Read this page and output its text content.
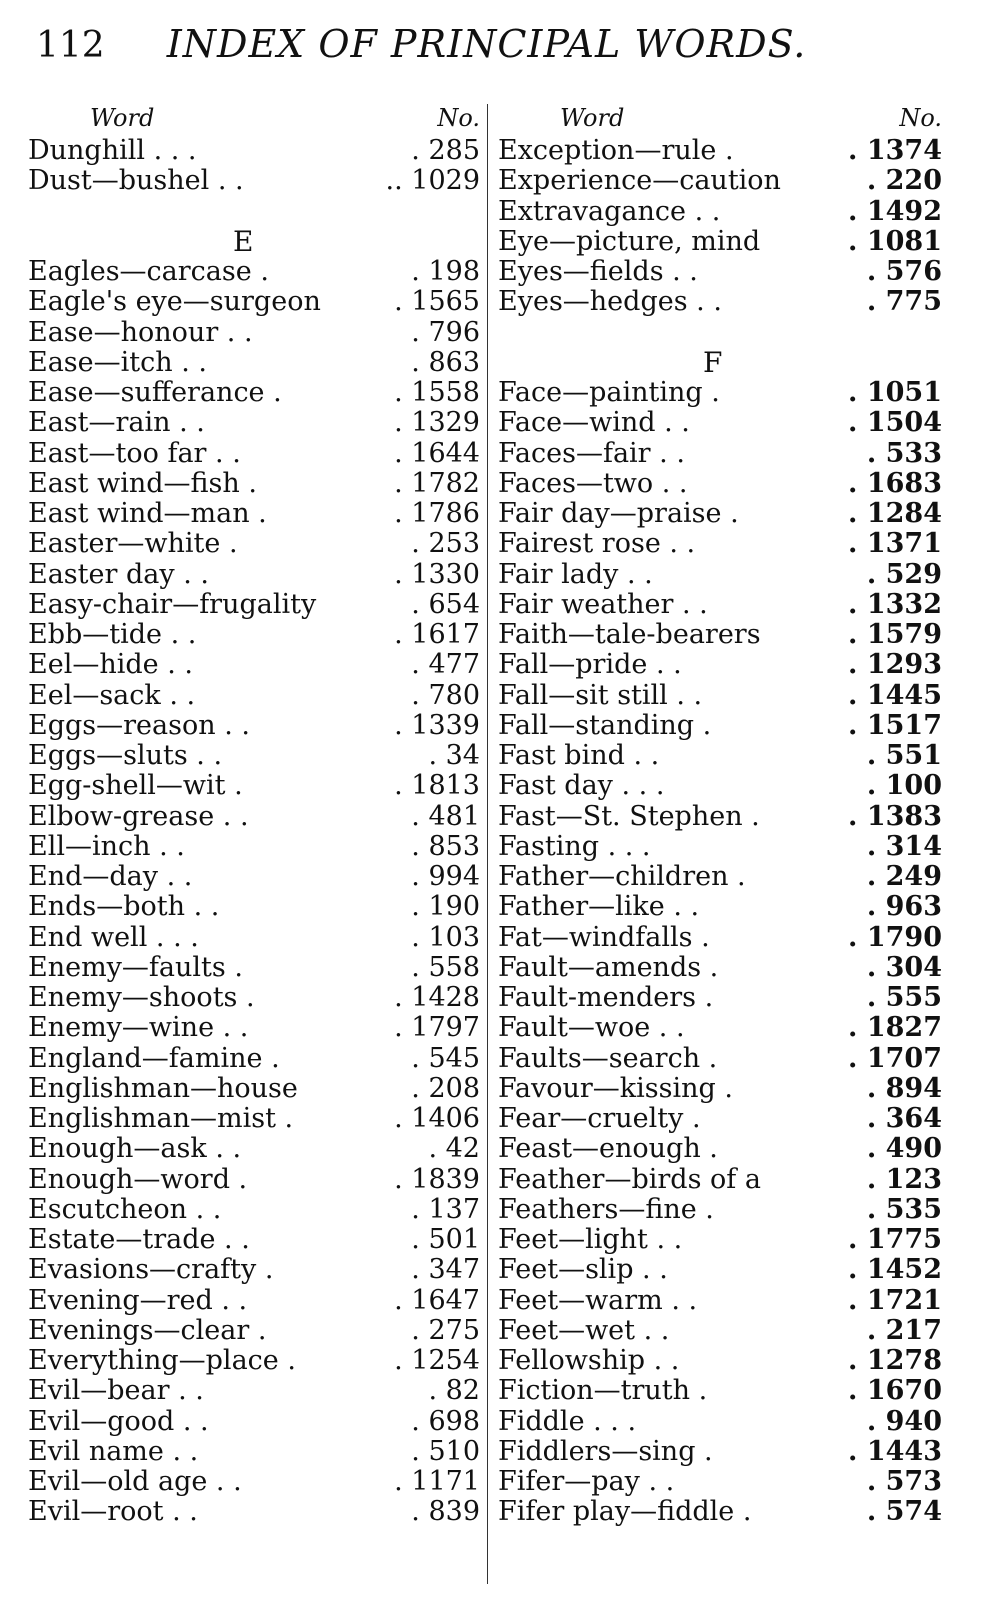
112 INDEX OF PRINCIPAL WORDS.
Word	No.
Dunghill . . .	. 285
Dust—bushel . .	.. 1029
E
Eagles—carcase .	. 198
Eagle's eye—surgeon	. 1565
Ease—honour . .	. 796
Ease—itch . .	. 863
Ease—sufferance .	. 1558
East—rain . .	. 1329
East—too far . .	. 1644
East wind—fish .	. 1782
East wind—man .	. 1786
Easter—white .	. 253
Easter day . .	. 1330
Easy-chair—frugality	. 654
Ebb—tide . .	. 1617
Eel—hide . .	. 477
Eel—sack . .	. 780
Eggs—reason . .	. 1339
Eggs—sluts . .	. 34
Egg-shell—wit .	. 1813
Elbow-grease . .	. 481
Ell—inch . .	. 853
End—day . .	. 994
Ends—both . .	. 190
End well . . .	. 103
Enemy—faults .	. 558
Enemy—shoots .	. 1428
Enemy—wine . .	. 1797
England—famine .	. 545
Englishman—house	. 208
Englishman—mist .	. 1406
Enough—ask . .	. 42
Enough—word .	. 1839
Escutcheon . .	. 137
Estate—trade . .	. 501
Evasions—crafty .	. 347
Evening—red . .	. 1647
Evenings—clear .	. 275
Everything—place .	. 1254
Evil—bear . .	. 82
Evil—good . .	. 698
Evil name . .	. 510
Evil—old age . .	. 1171
Evil—root . .	. 839
Word	No.
Exception—rule .	. 1374
Experience—caution	. 220
Extravagance . .	. 1492
Eye—picture, mind	. 1081
Eyes—fields . .	. 576
Eyes—hedges . .	. 775
F
Face—painting .	. 1051
Face—wind . .	. 1504
Faces—fair . .	. 533
Faces—two . .	. 1683
Fair day—praise .	. 1284
Fairest rose . .	. 1371
Fair lady . .	. 529
Fair weather . .	. 1332
Faith—tale-bearers	. 1579
Fall—pride . .	. 1293
Fall—sit still . .	. 1445
Fall—standing .	. 1517
Fast bind . .	. 551
Fast day . . .	. 100
Fast—St. Stephen .	. 1383
Fasting . . .	. 314
Father—children .	. 249
Father—like . .	. 963
Fat—windfalls .	. 1790
Fault—amends .	. 304
Fault-menders .	. 555
Fault—woe . .	. 1827
Faults—search .	. 1707
Favour—kissing .	. 894
Fear—cruelty .	. 364
Feast—enough .	. 490
Feather—birds of a	. 123
Feathers—fine .	. 535
Feet—light . .	. 1775
Feet—slip . .	. 1452
Feet—warm . .	. 1721
Feet—wet . .	. 217
Fellowship . .	. 1278
Fiction—truth .	. 1670
Fiddle . . .	. 940
Fiddlers—sing .	. 1443
Fifer—pay . .	. 573
Fifer play—fiddle .	. 574
